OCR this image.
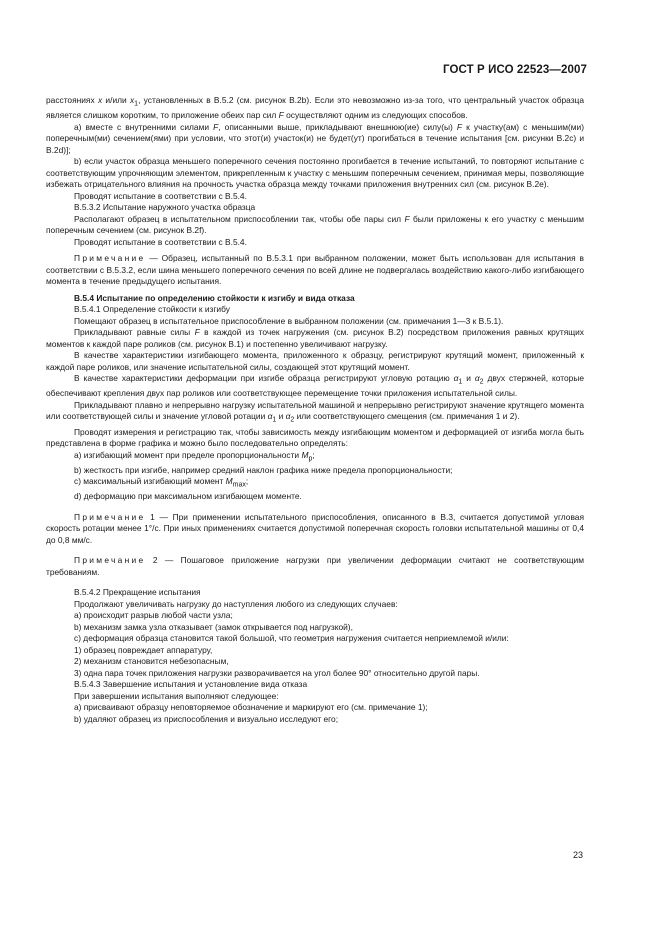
ГОСТ Р ИСО 22523—2007

расстояниях x и/или $x_1$, установленных в В.5.2 (см. рисунок В.2b). Если это невозможно из-за того, что центральный участок образца является слишком коротким, то приложение обеих пар сил F осуществляют одним из следующих способов.

a) вместе с внутренними силами F, описанными выше, прикладывают внешнюю(ие) силу(ы) F к участку(ам) с меньшим(ми) поперечным(ми) сечением(ями) при условии, что этот(и) участок(и) не будет(ут) прогибаться в течение испытания [см. рисунки В.2c) и В.2d)];

b) если участок образца меньшего поперечного сечения постоянно прогибается в течение испытаний, то повторяют испытание с соответствующим упрочняющим элементом, прикрепленным к участку с меньшим поперечным сечением, принимая меры, позволяющие избежать отрицательного влияния на прочность участка образца между точками приложения внутренних сил (см. рисунок В.2e).

Проводят испытание в соответствии с В.5.4.

В.5.3.2 Испытание наружного участка образца

Располагают образец в испытательном приспособлении так, чтобы обе пары сил F были приложены к его участку с меньшим поперечным сечением (см. рисунок В.2f).

Проводят испытание в соответствии с В.5.4.

Примечание — Образец, испытанный по В.5.3.1 при выбранном положении, может быть использован для испытания в соответствии с В.5.3.2, если шина меньшего поперечного сечения по всей длине не подвергалась воздействию какого-либо изгибающего момента в течение предыдущего испытания.

В.5.4 Испытание по определению стойкости к изгибу и вида отказа

В.5.4.1 Определение стойкости к изгибу

Помещают образец в испытательное приспособление в выбранном положении (см. примечания 1—3 к В.5.1).

Прикладывают равные силы F в каждой из точек нагружения (см. рисунок В.2) посредством приложения равных крутящих моментов к каждой паре роликов (см. рисунок В.1) и постепенно увеличивают нагрузку.

В качестве характеристики изгибающего момента, приложенного к образцу, регистрируют крутящий момент, приложенный к каждой паре роликов, или значение испытательной силы, создающей этот крутящий момент.

В качестве характеристики деформации при изгибе образца регистрируют угловую ротацию $\alpha_1$ и $\alpha_2$ двух стержней, которые обеспечивают крепления двух пар роликов или соответствующее перемещение точки приложения испытательной силы.

Прикладывают плавно и непрерывно нагрузку испытательной машиной и непрерывно регистрируют значение крутящего момента или соответствующей силы и значение угловой ротации $\alpha_1$ и $\alpha_2$ или соответствующего смещения (см. примечания 1 и 2).

Проводят измерения и регистрацию так, чтобы зависимость между изгибающим моментом и деформацией от изгиба могла быть представлена в форме графика и можно было последовательно определять:

a) изгибающий момент при пределе пропорциональности $M_p$;

b) жесткость при изгибе, например средний наклон графика ниже предела пропорциональности;

c) максимальный изгибающий момент $M_{max}$;

d) деформацию при максимальном изгибающем моменте.

Примечание 1 — При применении испытательного приспособления, описанного в В.3, считается допустимой угловая скорость ротации менее 1°/с. При иных применениях считается допустимой поперечная скорость головки испытательной машины от 0,4 до 0,8 мм/с.

Примечание 2 — Пошаговое приложение нагрузки при увеличении деформации считают не соответствующим требованиям.

В.5.4.2 Прекращение испытания

Продолжают увеличивать нагрузку до наступления любого из следующих случаев:

a) происходит разрыв любой части узла;

b) механизм замка узла отказывает (замок открывается под нагрузкой),

c) деформация образца становится такой большой, что геометрия нагружения считается неприемлемой и/или:

1) образец повреждает аппаратуру,

2) механизм становится небезопасным,

3) одна пара точек приложения нагрузки разворачивается на угол более 90° относительно другой пары.

В.5.4.3 Завершение испытания и установление вида отказа

При завершении испытания выполняют следующее:

a) присваивают образцу неповторяемое обозначение и маркируют его (см. примечание 1);

b) удаляют образец из приспособления и визуально исследуют его;

23
